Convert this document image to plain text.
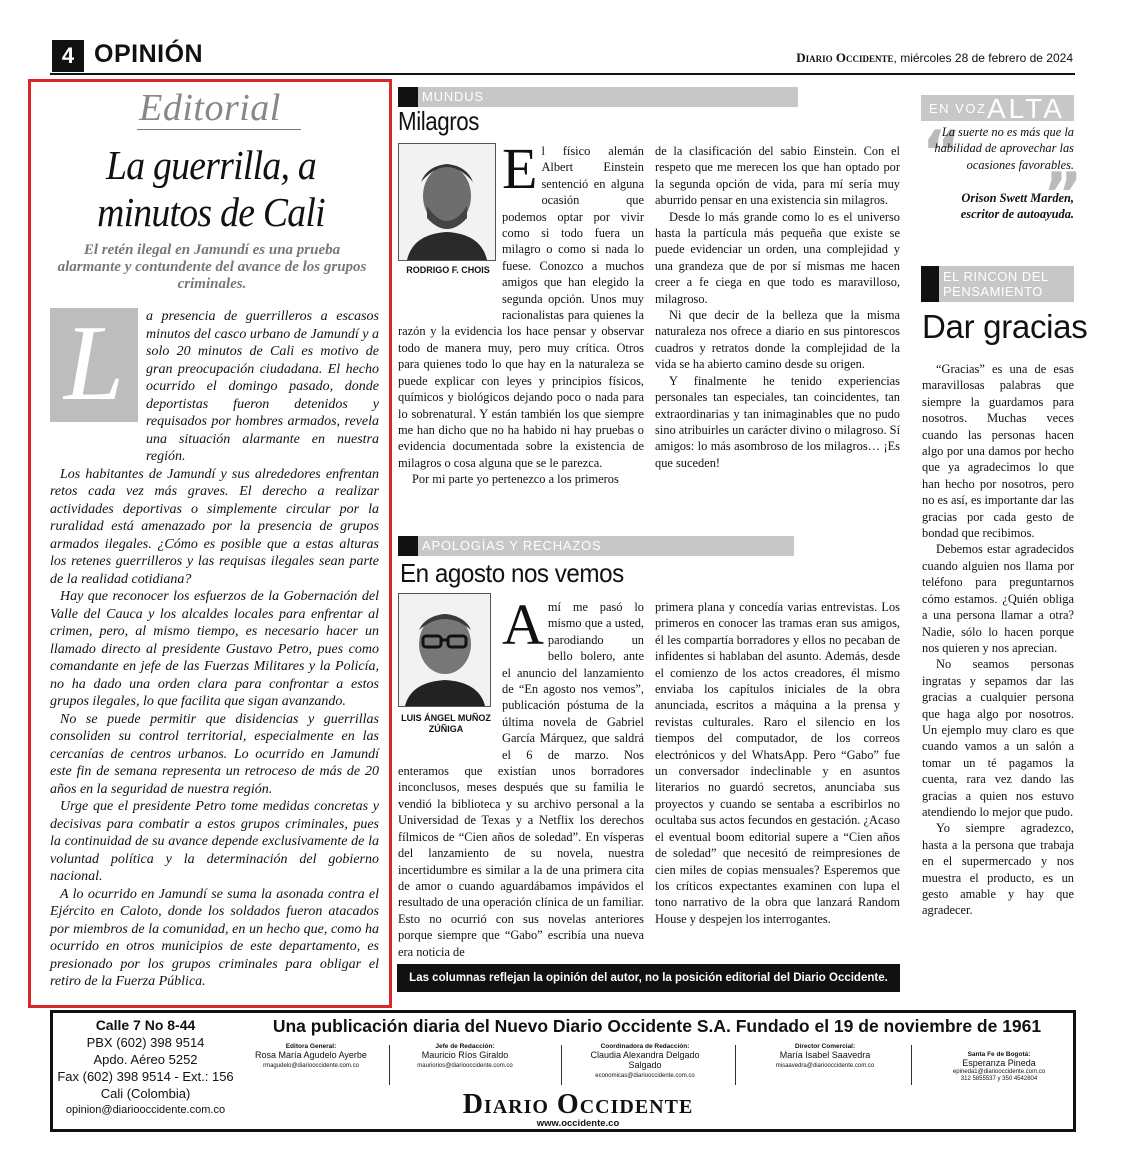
4 OPINIÓN	Diario Occidente, miércoles 28 de febrero de 2024
Editorial
La guerrilla, a minutos de Cali
El retén ilegal en Jamundí es una prueba alarmante y contundente del avance de los grupos criminales.

a presencia de guerrilleros a escasos minutos del casco urbano de Jamundí y a solo 20 minutos de Cali es motivo de gran preocupación ciudadana. El hecho ocurrido el domingo pasado, donde deportistas fueron detenidos y requisados por hombres armados, revela una situación alarmante en nuestra región.

Los habitantes de Jamundí y sus alrededores enfrentan retos cada vez más graves. El derecho a realizar actividades deportivas o simplemente circular por la ruralidad está amenazado por la presencia de grupos armados ilegales. ¿Cómo es posible que a estas alturas los retenes guerrilleros y las requisas ilegales sean parte de la realidad cotidiana?

Hay que reconocer los esfuerzos de la Gobernación del Valle del Cauca y los alcaldes locales para enfrentar al crimen, pero, al mismo tiempo, es necesario hacer un llamado directo al presidente Gustavo Petro, pues como comandante en jefe de las Fuerzas Militares y la Policía, no ha dado una orden clara para confrontar a estos grupos ilegales, lo que facilita que sigan avanzando.

No se puede permitir que disidencias y guerrillas consoliden su control territorial, especialmente en las cercanías de centros urbanos. Lo ocurrido en Jamundí este fin de semana representa un retroceso de más de 20 años en la seguridad de nuestra región.

Urge que el presidente Petro tome medidas concretas y decisivas para combatir a estos grupos criminales, pues la continuidad de su avance depende exclusivamente de la voluntad política y la determinación del gobierno nacional.

A lo ocurrido en Jamundí se suma la asonada contra el Ejército en Caloto, donde los soldados fueron atacados por miembros de la comunidad, en un hecho que, como ha ocurrido en otros municipios de este departamento, es presionado por los grupos criminales para obligar el retiro de la Fuerza Pública.

L
MUNDUS
Milagros
RODRIGO F. CHOIS
E l físico alemán Albert Einstein sentenció en alguna ocasión que podemos optar por vivir como si todo fuera un milagro o como si nada lo fuese. Conozco a muchos amigos que han elegido la segunda opción. Unos muy racionalistas para quienes la razón y la evidencia los hace pensar y observar todo de manera muy, pero muy crítica. Otros para quienes todo lo que hay en la naturaleza se puede explicar con leyes y principios físicos, químicos y biológicos dejando poco o nada para lo sobrenatural. Y están también los que siempre me han dicho que no ha habido ni hay pruebas o evidencia documentada sobre la existencia de milagros o cosa alguna que se le parezca.

Por mi parte yo pertenezco a los primeros

de la clasificación del sabio Einstein. Con el respeto que me merecen los que han optado por la segunda opción de vida, para mí sería muy aburrido pensar en una existencia sin milagros.

Desde lo más grande como lo es el universo hasta la partícula más pequeña que existe se puede evidenciar un orden, una complejidad y una grandeza que de por sí mismas me hacen creer a fe ciega en que todo es maravilloso, milagroso.

Ni que decir de la belleza que la misma naturaleza nos ofrece a diario en sus pintorescos cuadros y retratos donde la complejidad de la vida se ha abierto camino desde su origen.

Y finalmente he tenido experiencias personales tan especiales, tan coincidentes, tan extraordinarias y tan inimaginables que no pudo sino atribuirles un carácter divino o milagroso. Sí amigos: lo más asombroso de los milagros… ¡Es que suceden!

APOLOGÍAS Y RECHAZOS
En agosto nos vemos
LUIS ÁNGEL MUÑOZ ZÚÑIGA
A mí me pasó lo mismo que a usted, parodiando un bello bolero, ante el anuncio del lanzamiento de “En agosto nos vemos”, publicación póstuma de la última novela de Gabriel García Márquez, que saldrá el 6 de marzo. Nos enteramos que existían unos borradores inconclusos, meses después que su familia le vendió la biblioteca y su archivo personal a la Universidad de Texas y a Netflix los derechos fílmicos de “Cien años de soledad”. En vísperas del lanzamiento de su novela, nuestra incertidumbre es similar a la de una primera cita de amor o cuando aguardábamos impávidos el resultado de una operación clínica de un familiar. Esto no ocurrió con sus novelas anteriores porque siempre que “Gabo” escribía una nueva era noticia de

primera plana y concedía varias entrevistas. Los primeros en conocer las tramas eran sus amigos, él les compartía borradores y ellos no pecaban de infidentes si hablaban del asunto. Además, desde el comienzo de los actos creadores, él mismo enviaba los capítulos iniciales de la obra anunciada, escritos a máquina a la prensa y revistas culturales. Raro el silencio en los tiempos del computador, de los correos electrónicos y del WhatsApp. Pero “Gabo” fue un conversador indeclinable y en asuntos literarios no guardó secretos, anunciaba sus proyectos y cuando se sentaba a escribirlos no ocultaba sus actos fecundos en gestación. ¿Acaso el eventual boom editorial supere a “Cien años de soledad” que necesitó de reimpresiones de cien miles de copias mensuales? Esperemos que los críticos expectantes examinen con lupa el tono narrativo de la obra que lanzará Random House y despejen los interrogantes.

EN VOZ ALTA
“
”
La suerte no es más que la habilidad de aprovechar las ocasiones favorables.
Orison Swett Marden, escritor de autoayuda.
EL RINCON DEL PENSAMIENTO
Dar gracias

“Gracias” es una de esas maravillosas palabras que siempre la guardamos para nosotros. Muchas veces cuando las personas hacen algo por una damos por hecho que ya agradecimos lo que han hecho por nosotros, pero no es así, es importante dar las gracias por cada gesto de bondad que recibimos.

Debemos estar agradecidos cuando alguien nos llama por teléfono para preguntarnos cómo estamos. ¿Quién obliga a una persona llamar a otra? Nadie, sólo lo hacen porque nos quieren y nos aprecian.

No seamos personas ingratas y sepamos dar las gracias a cualquier persona que haga algo por nosotros. Un ejemplo muy claro es que cuando vamos a un salón a tomar un té pagamos la cuenta, rara vez dando las gracias a quien nos estuvo atendiendo lo mejor que pudo.

Yo siempre agradezco, hasta a la persona que trabaja en el supermercado y nos muestra el producto, es un gesto amable y hay que agradecer.

Las columnas reflejan la opinión del autor, no la posición editorial del Diario Occidente.
Calle 7 No 8-44
PBX (602) 398 9514
Apdo. Aéreo 5252
Fax (602) 398 9514 - Ext.: 156
Cali (Colombia)
opinion@diariooccidente.com.co
Una publicación diaria del Nuevo Diario Occidente S.A. Fundado el 19 de noviembre de 1961
Editora General:
Rosa María Agudelo Ayerbe
rmagudelo@diariooccidente.com.co
Jefe de Redacción:
Mauricio Ríos Giraldo
mauriorios@diariooccidente.com.co
Coordinadora de Redacción:
Claudia Alexandra Delgado Salgado
economicas@diariooccidente.com.co
Director Comercial:
María Isabel Saavedra
misaavedra@diariooccidente.com.co
Santa Fe de Bogotá:
Esperanza Pineda
epineda1@diariooccidente.com.co
312 5855537 y 350 4542804
Diario Occidente
www.occidente.co
